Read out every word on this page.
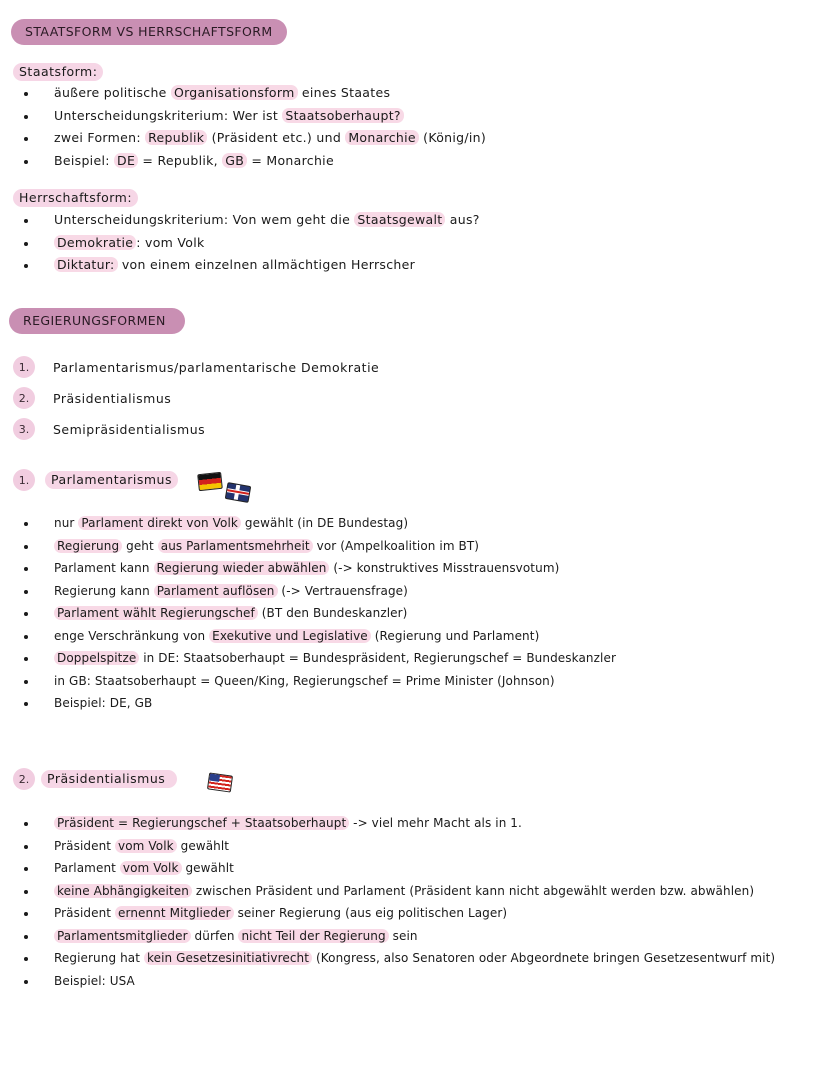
STAATSFORM VS HERRSCHAFTSFORM
Staatsform:
äußere politische Organisationsform eines Staates
Unterscheidungskriterium: Wer ist Staatsoberhaupt?
zwei Formen: Republik (Präsident etc.) und Monarchie (König/in)
Beispiel: DE = Republik, GB = Monarchie
Herrschaftsform:
Unterscheidungskriterium: Von wem geht die Staatsgewalt aus?
Demokratie : vom Volk
Diktatur: von einem einzelnen allmächtigen Herrscher
REGIERUNGSFORMEN
1.	Parlamentarismus/parlamentarische Demokratie
2.	Präsidentialismus
3.	Semipräsidentialismus
1.	Parlamentarismus
nur Parlament direkt von Volk gewählt (in DE Bundestag)
Regierung geht aus Parlamentsmehrheit vor (Ampelkoalition im BT)
Parlament kann Regierung wieder abwählen (-> konstruktives Misstrauensvotum)
Regierung kann Parlament auflösen (-> Vertrauensfrage)
Parlament wählt Regierungschef (BT den Bundeskanzler)
enge Verschränkung von Exekutive und Legislative (Regierung und Parlament)
Doppelspitze in DE: Staatsoberhaupt = Bundespräsident, Regierungschef = Bundeskanzler
in GB: Staatsoberhaupt = Queen/King, Regierungschef = Prime Minister (Johnson)
Beispiel: DE, GB
2.	Präsidentialismus
Präsident = Regierungschef + Staatsoberhaupt -> viel mehr Macht als in 1.
Präsident vom Volk gewählt
Parlament vom Volk gewählt
keine Abhängigkeiten zwischen Präsident und Parlament (Präsident kann nicht abgewählt werden bzw. abwählen)
Präsident ernennt Mitglieder seiner Regierung (aus eig politischen Lager)
Parlamentsmitglieder dürfen nicht Teil der Regierung sein
Regierung hat kein Gesetzesinitiativrecht (Kongress, also Senatoren oder Abgeordnete bringen Gesetzesentwurf mit)
Beispiel: USA
